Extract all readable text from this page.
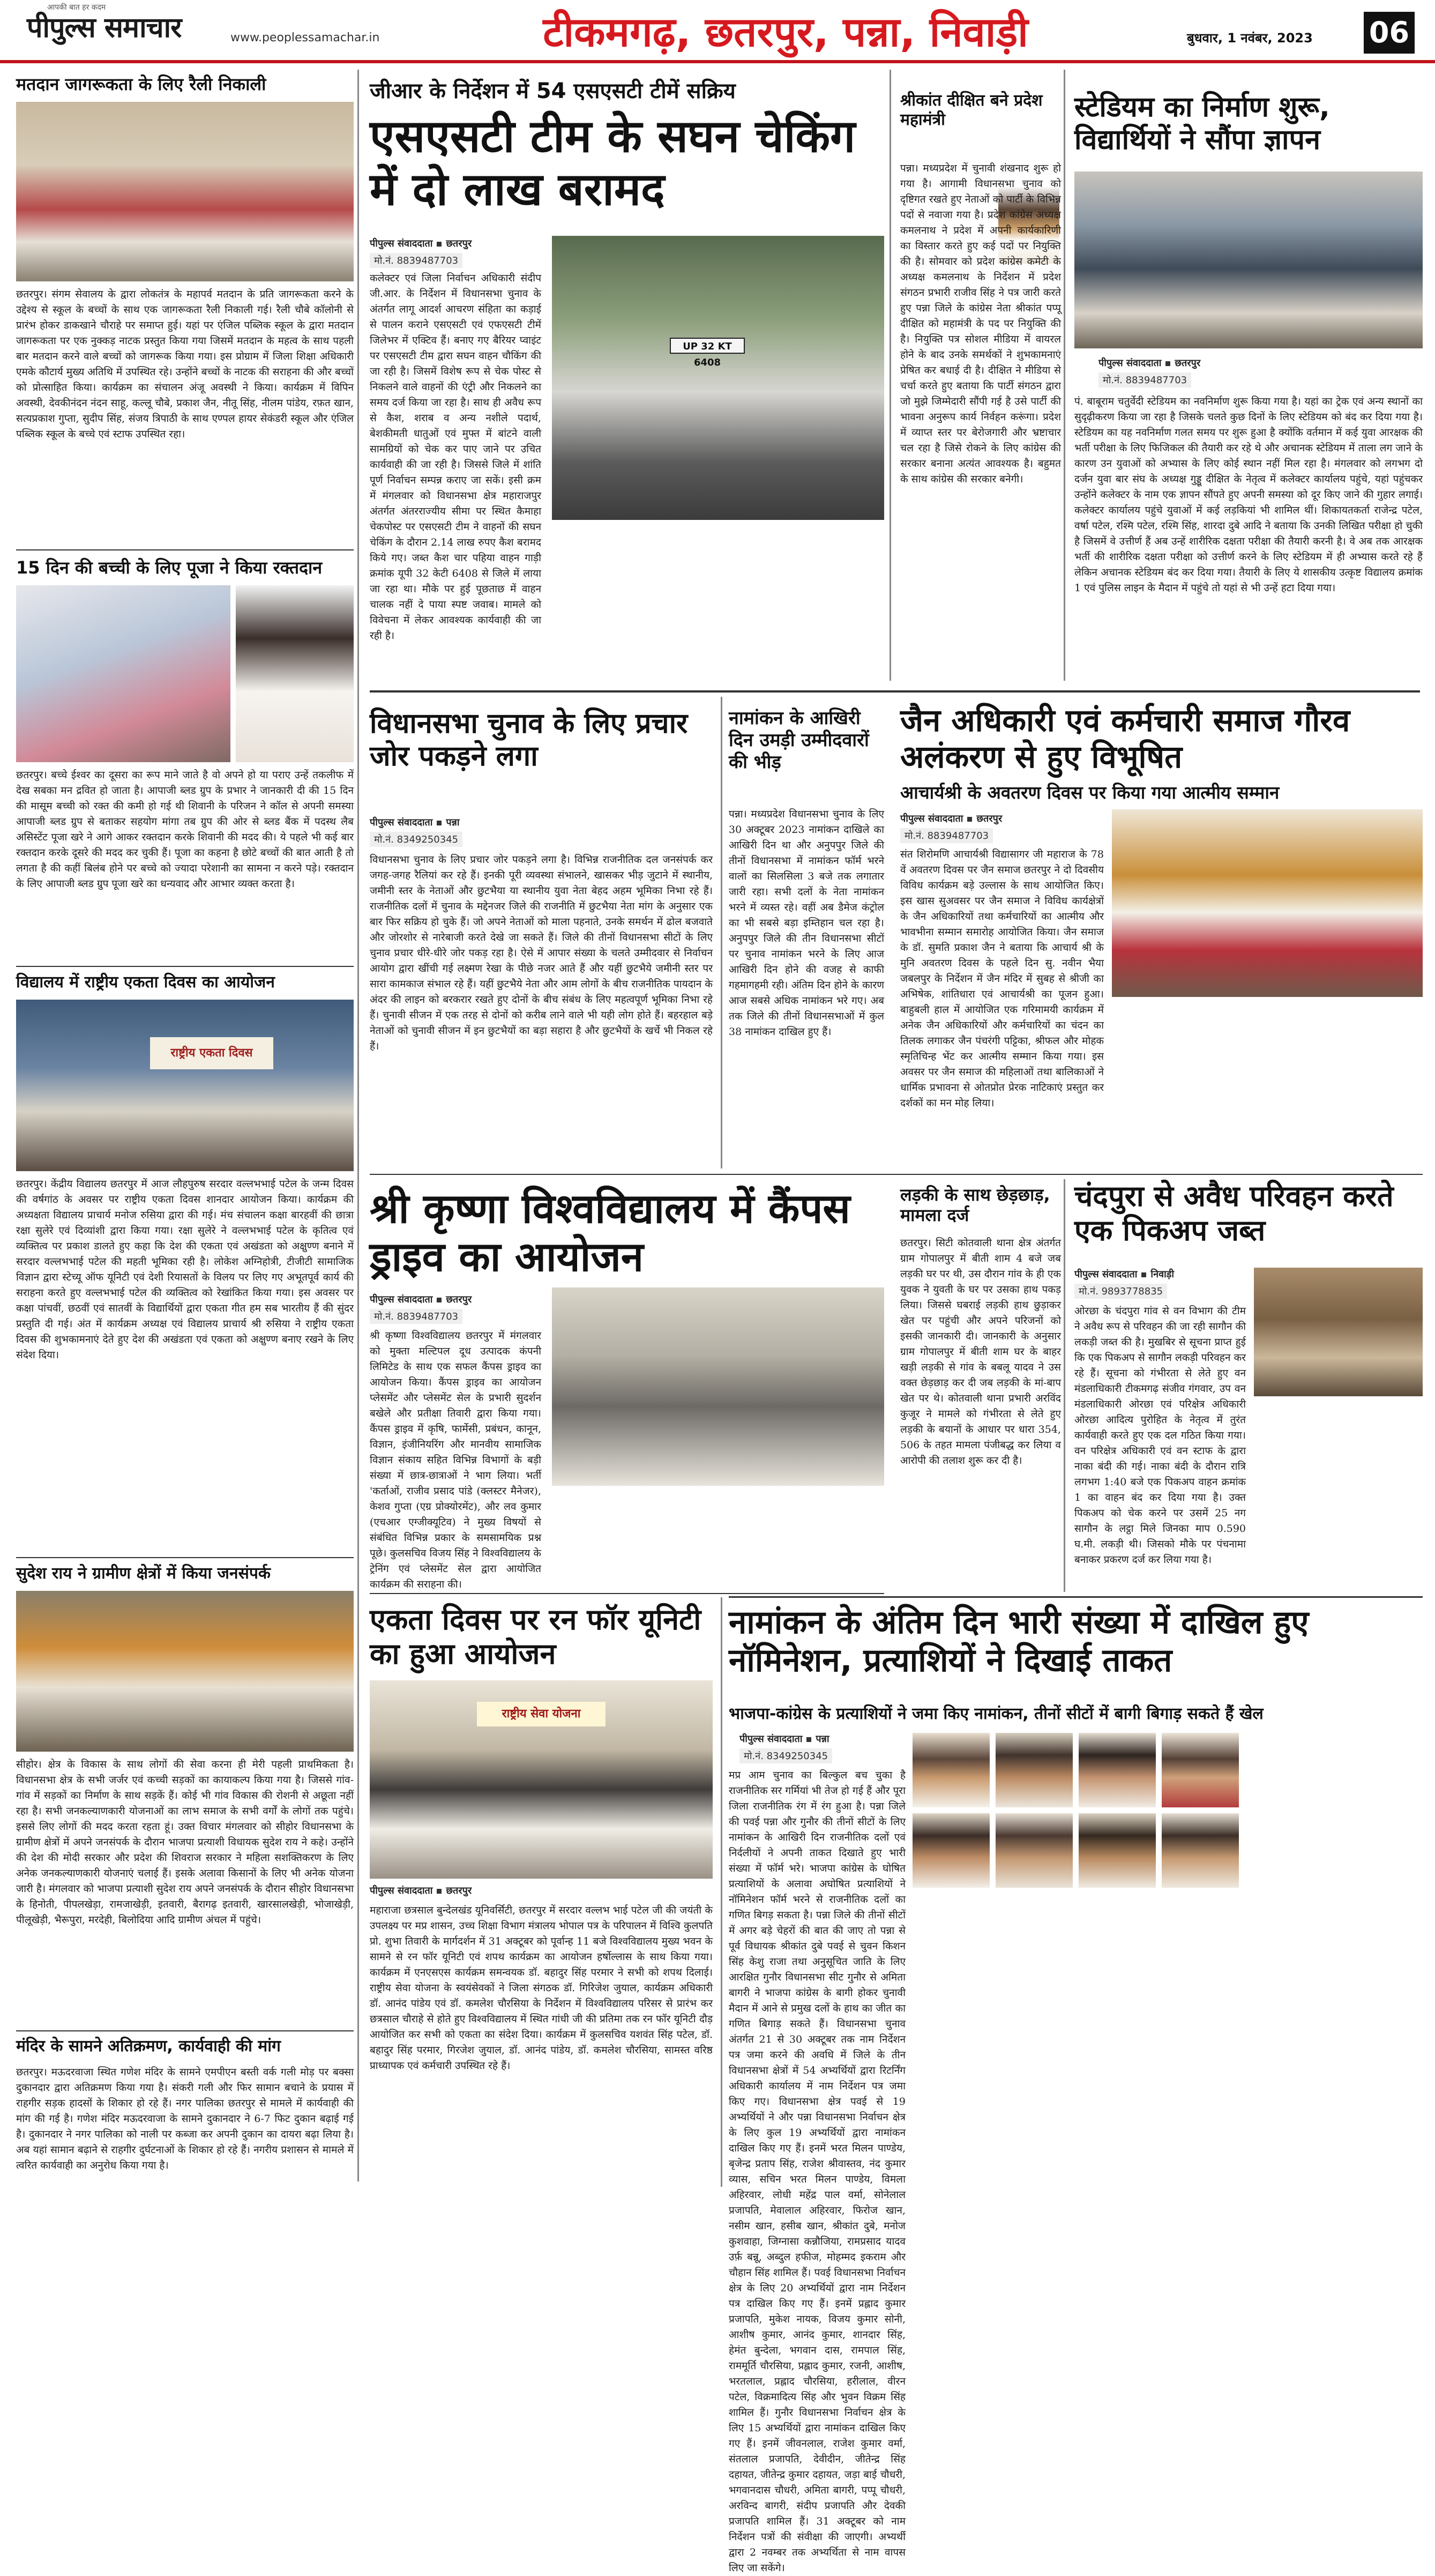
आपकी बात हर कदम
पीपुल्स समाचार	www.peoplessamachar.in	टीकमगढ़, छतरपुर, पन्ना, निवाड़ी	बुधवार, 1 नवंबर, 2023 06
मतदान जागरूकता के लिए रैली निकाली
छतरपुर। संगम सेवालय के द्वारा लोकतंत्र के महापर्व मतदान के प्रति जागरूकता करने के उद्देश्य से स्कूल के बच्चों के साथ एक जागरूकता रैली निकाली गई। रैली चौबे कॉलोनी से प्रारंभ होकर डाकखाने चौराहे पर समाप्त हुई। यहां पर एंजिल पब्लिक स्कूल के द्वारा मतदान जागरूकता पर एक नुक्कड़ नाटक प्रस्तुत किया गया जिसमें मतदान के महत्व के साथ पहली बार मतदान करने वाले बच्चों को जागरूक किया गया। इस प्रोग्राम में जिला शिक्षा अधिकारी एमके कौटार्य मुख्य अतिथि में उपस्थित रहे। उन्होंने बच्चों के नाटक की सराहना की और बच्चों को प्रोत्साहित किया। कार्यक्रम का संचालन अंजू अवस्थी ने किया। कार्यक्रम में विपिन अवस्थी, देवकीनंदन नंदन साहू, कल्लू चौबे, प्रकाश जैन, नीतू सिंह, नीलम पांडेय, रफ़त खान, सत्यप्रकाश गुप्ता, सुदीप सिंह, संजय त्रिपाठी के साथ एण्पल हायर सेकंडरी स्कूल और एंजिल पब्लिक स्कूल के बच्चे एवं स्टाफ उपस्थित रहा।
15 दिन की बच्ची के लिए पूजा ने किया रक्तदान
छतरपुर। बच्चे ईश्वर का दूसरा का रूप माने जाते है वो अपने हो या पराए उन्हें तकलीफ में देख सबका मन द्रवित हो जाता है। आपाजी ब्लड ग्रुप के प्रभार ने जानकारी दी की 15 दिन की मासूम बच्ची को रक्त की कमी हो गई थी शिवानी के परिजन ने कॉल से अपनी समस्या आपाजी ब्लड ग्रुप से बताकर सहयोग मांगा तब ग्रुप की ओर से ब्लड बैंक में पदस्थ लैब असिस्टेंट पूजा खरे ने आगे आकर रक्तदान करके शिवानी की मदद की। ये पहले भी कई बार रक्तदान करके दूसरे की मदद कर चुकी हैं। पूजा का कहना है छोटे बच्चों की बात आती है तो लगता है की कहीं बिलंब होने पर बच्चे को ज्यादा परेशानी का सामना न करने पड़े। रक्तदान के लिए आपाजी ब्लड ग्रुप पूजा खरे का धन्यवाद और आभार व्यक्त करता है।
विद्यालय में राष्ट्रीय एकता दिवस का आयोजन
राष्ट्रीय एकता दिवस
छतरपुर। केंद्रीय विद्यालय छतरपुर में आज लौहपुरुष सरदार वल्लभभाई पटेल के जन्म दिवस की वर्षगांठ के अवसर पर राष्ट्रीय एकता दिवस शानदार आयोजन किया। कार्यक्रम की अध्यक्षता विद्यालय प्राचार्य मनोज रुसिया द्वारा की गई। मंच संचालन कक्षा बारहवीं की छात्रा रक्षा सुलेरे एवं दिव्यांशी द्वारा किया गया। रक्षा सुलेरे ने वल्लभभाई पटेल के कृतित्व एवं व्यक्तित्व पर प्रकाश डालते हुए कहा कि देश की एकता एवं अखंडता को अक्षुण्ण बनाने में सरदार वल्लभभाई पटेल की महती भूमिका रही है। लोकेश अग्निहोत्री, टीजीटी सामाजिक विज्ञान द्वारा स्टेच्यू ऑफ यूनिटी एवं देशी रियासतों के विलय पर लिए गए अभूतपूर्व कार्य की सराहना करते हुए वल्लभभाई पटेल की व्यक्तित्व को रेखांकित किया गया। इस अवसर पर कक्षा पांचवीं, छठवीं एवं सातवीं के विद्यार्थियों द्वारा एकता गीत हम सब भारतीय हैं की सुंदर प्रस्तुति दी गई। अंत में कार्यक्रम अध्यक्ष एवं विद्यालय प्राचार्य श्री रुसिया ने राष्ट्रीय एकता दिवस की शुभकामनाएं देते हुए देश की अखंडता एवं एकता को अक्षुण्ण बनाए रखने के लिए संदेश दिया।
सुदेश राय ने ग्रामीण क्षेत्रों में किया जनसंपर्क
सीहोर। क्षेत्र के विकास के साथ लोगों की सेवा करना ही मेरी पहली प्राथमिकता है। विधानसभा क्षेत्र के सभी जर्जर एवं कच्ची सड़कों का कायाकल्प किया गया है। जिससे गांव-गांव में सड़कों का निर्माण के साथ सड़कें हैं। कोई भी गांव विकास की रोशनी से अछूता नहीं रहा है। सभी जनकल्याणकारी योजनाओं का लाभ समाज के सभी वर्गों के लोगों तक पहुंचे। इससे लिए लोगों की मदद करता रहता हूं। उक्त विचार मंगलवार को सीहोर विधानसभा के ग्रामीण क्षेत्रों में अपने जनसंपर्क के दौरान भाजपा प्रत्याशी विधायक सुदेश राय ने कहे। उन्होंने की देश की मोदी सरकार और प्रदेश की शिवराज सरकार ने महिला सशक्तिकरण के लिए अनेक जनकल्याणकारी योजनाएं चलाई हैं। इसके अलावा किसानों के लिए भी अनेक योजना जारी है। मंगलवार को भाजपा प्रत्याशी सुदेश राय अपने जनसंपर्क के दौरान सीहोर विधानसभा के हिनोती, पीपलखेड़ा, रामजाखेड़ी, इतवारी, बैरागढ़ इतवारी, खारसालखेड़ी, भोजाखेड़ी, पीलूखेड़ी, भैरूपुरा, मरदेही, बिलोदिया आदि ग्रामीण अंचल में पहुंचे।
मंदिर के सामने अतिक्रमण, कार्यवाही की मांग
छतरपुर। मऊदरवाजा स्थित गणेश मंदिर के सामने एमपीएन बस्ती वर्क गली मोड़ पर बक्सा दुकानदार द्वारा अतिक्रमण किया गया है। संकरी गली और फिर सामान बचाने के प्रयास में राहगीर सड़क हादसों के शिकार हो रहे हैं। नगर पालिका छतरपुर से मामले में कार्यवाही की मांग की गई है। गणेश मंदिर मऊदरवाजा के सामने दुकानदार ने 6-7 फिट दुकान बढ़ाई गई है। दुकानदार ने नगर पालिका को नाली पर कब्जा कर अपनी दुकान का दायरा बढ़ा लिया है। अब यहां सामान बढ़ाने से राहगीर दुर्घटनाओं के शिकार हो रहे हैं। नगरीय प्रशासन से मामले में त्वरित कार्यवाही का अनुरोध किया गया है।
जीआर के निर्देशन में 54 एसएसटी टीमें सक्रिय
एसएसटी टीम के सघन चेकिंग में दो लाख बरामद
पीपुल्स संवाददाता छतरपुर
मो.नं. 8839487703
कलेक्टर एवं जिला निर्वाचन अधिकारी संदीप जी.आर. के निर्देशन में विधानसभा चुनाव के अंतर्गत लागू आदर्श आचरण संहिता का कड़ाई से पालन कराने एसएसटी एवं एफएसटी टीमें जिलेभर में एक्टिव हैं। बनाए गए बैरियर प्वाइंट पर एसएसटी टीम द्वारा सघन वाहन चौकिंग की जा रही है। जिसमें विशेष रूप से चेक पोस्ट से निकलने वाले वाहनों की एंट्री और निकलने का समय दर्ज किया जा रहा है। साथ ही अवैध रूप से कैश, शराब व अन्य नशीले पदार्थ, बेशकीमती धातुओं एवं मुफ्त में बांटने वाली सामग्रियों को चेक कर पाए जाने पर उचित कार्यवाही की जा रही है। जिससे जिले में शांति पूर्ण निर्वाचन सम्पन्न कराए जा सकें। इसी क्रम में मंगलवार को विधानसभा क्षेत्र महाराजपुर अंतर्गत अंतरराज्यीय सीमा पर स्थित कैमाहा चेकपोस्ट पर एसएसटी टीम ने वाहनों की सघन चेकिंग के दौरान 2.14 लाख रुपए कैश बरामद किये गए। जब्त कैश चार पहिया वाहन गाड़ी क्रमांक यूपी 32 केटी 6408 से जिले में लाया जा रहा था। मौके पर हुई पूछताछ में वाहन चालक नहीं दे पाया स्पष्ट जवाब। मामले को विवेचना में लेकर आवश्यक कार्यवाही की जा रही है।
UP 32 KT 6408
विधानसभा चुनाव के लिए प्रचार जोर पकड़ने लगा
पीपुल्स संवाददाता पन्ना
मो.नं. 8349250345
विधानसभा चुनाव के लिए प्रचार जोर पकड़ने लगा है। विभिन्न राजनीतिक दल जनसंपर्क कर जगह-जगह रैलियां कर रहे हैं। इनकी पूरी व्यवस्था संभालने, खासकर भीड़ जुटाने में स्थानीय, जमीनी स्तर के नेताओं और छुटभैया या स्थानीय युवा नेता बेहद अहम भूमिका निभा रहे हैं। राजनीतिक दलों में चुनाव के मद्देनजर जिले की राजनीति में छुटभैया नेता मांग के अनुसार एक बार फिर सक्रिय हो चुके हैं। जो अपने नेताओं को माला पहनाते, उनके समर्थन में ढोल बजवाते और जोरशोर से नारेबाजी करते देखे जा सकते हैं। जिले की तीनों विधानसभा सीटों के लिए चुनाव प्रचार धीरे-धीरे जोर पकड़ रहा है। ऐसे में आपार संख्या के चलते उम्मीदवार से निर्वाचन आयोग द्वारा खींची गई लक्ष्मण रेखा के पीछे नजर आते हैं और यहीं छुटभैये जमीनी स्तर पर सारा कामकाज संभाल रहे हैं। यहीं छुटभैये नेता और आम लोगों के बीच राजनीतिक पायदान के अंदर की लाइन को बरकरार रखते हुए दोनों के बीच संबंध के लिए महत्वपूर्ण भूमिका निभा रहे हैं। चुनावी सीजन में एक तरह से दोनों को करीब लाने वाले भी यही लोग होते हैं। बहरहाल बड़े नेताओं को चुनावी सीजन में इन छुटभैयों का बड़ा सहारा है और छुटभैयों के खर्चे भी निकल रहे हैं।
नामांकन के आखिरी दिन उमड़ी उम्मीदवारों की भीड़
पन्ना। मध्यप्रदेश विधानसभा चुनाव के लिए 30 अक्टूबर 2023 नामांकन दाखिले का आखिरी दिन था और अनुपपुर जिले की तीनों विधानसभा में नामांकन फॉर्म भरने वालों का सिलसिला 3 बजे तक लगातार जारी रहा। सभी दलों के नेता नामांकन भरने में व्यस्त रहे। वहीं अब डैमेज कंट्रोल का भी सबसे बड़ा इम्तिहान चल रहा है। अनुपपुर जिले की तीन विधानसभा सीटों पर चुनाव नामांकन भरने के लिए आज आखिरी दिन होने की वजह से काफी गहमागहमी रही। अंतिम दिन होने के कारण आज सबसे अधिक नामांकन भरे गए। अब तक जिले की तीनों विधानसभाओं में कुल 38 नामांकन दाखिल हुए हैं।
श्री कृष्णा विश्वविद्यालय में कैंपस ड्राइव का आयोजन
पीपुल्स संवाददाता छतरपुर
मो.नं. 8839487703
श्री कृष्णा विश्वविद्यालय छतरपुर में मंगलवार को मुक्ता मल्टिपल दूध उत्पादक कंपनी लिमिटेड के साथ एक सफल कैंपस ड्राइव का आयोजन किया। कैंपस ड्राइव का आयोजन प्लेसमेंट और प्लेसमेंट सेल के प्रभारी सुदर्शन बखेले और प्रतीक्षा तिवारी द्वारा किया गया। कैंपस ड्राइव में कृषि, फार्मेसी, प्रबंधन, कानून, विज्ञान, इंजीनियरिंग और मानवीय सामाजिक विज्ञान संकाय सहित विभिन्न विभागों के बड़ी संख्या में छात्र-छात्राओं ने भाग लिया। भर्ती 'कर्ताओं, राजीव प्रसाद पांडे (क्लस्टर मैनेजर), केशव गुप्ता (एग्र प्रोक्योरमेंट), और लव कुमार (एचआर एग्जीक्यूटिव) ने मुख्य विषयों से संबंधित विभिन्न प्रकार के समसामयिक प्रश्न पूछे। कुलसचिव विजय सिंह ने विश्वविद्यालय के ट्रेनिंग एवं प्लेसमेंट सेल द्वारा आयोजित कार्यक्रम की सराहना की।
एकता दिवस पर रन फॉर यूनिटी का हुआ आयोजन
राष्ट्रीय सेवा योजना
पीपुल्स संवाददाता छतरपुर
महाराजा छत्रसाल बुन्देलखंड यूनिवर्सिटी, छतरपुर में सरदार वल्लभ भाई पटेल जी की जयंती के उपलक्ष्य पर मप्र शासन, उच्च शिक्षा विभाग मंत्रालय भोपाल पत्र के परिपालन में विश्वि कुलपति प्रो. शुभा तिवारी के मार्गदर्शन में 31 अक्टूबर को पूर्वान्ह 11 बजे विश्वविद्यालय मुख्य भवन के सामने से रन फॉर यूनिटी एवं शपथ कार्यक्रम का आयोजन हर्षोल्लास के साथ किया गया। कार्यक्रम में एनएसएस कार्यक्रम समन्वयक डॉ. बहादुर सिंह परमार ने सभी को शपथ दिलाई। राष्ट्रीय सेवा योजना के स्वयंसेवकों ने जिला संगठक डॉ. गिरिजेश जुयाल, कार्यक्रम अधिकारी डॉ. आनंद पांडेय एवं डॉ. कमलेश चौरसिया के निर्देशन में विश्वविद्यालय परिसर से प्रारंभ कर छत्रसाल चौराहे से होते हुए विश्वविद्यालय में स्थित गांधी जी की प्रतिमा तक रन फॉर यूनिटी दौड़ आयोजित कर सभी को एकता का संदेश दिया। कार्यक्रम में कुलसचिव यशवंत सिंह पटेल, डॉ. बहादुर सिंह परमार, गिरजेश जुयाल, डॉ. आनंद पांडेय, डॉ. कमलेश चौरसिया, सामस्त वरिष्ठ प्राध्यापक एवं कर्मचारी उपस्थित रहे हैं।
श्रीकांत दीक्षित बने प्रदेश महामंत्री
पन्ना। मध्यप्रदेश में चुनावी शंखनाद शुरू हो गया है। आगामी विधानसभा चुनाव को दृष्टिगत रखते हुए नेताओं को पार्टी के विभिन्न पदों से नवाजा गया है। प्रदेश कांग्रेस अध्यक्ष कमलनाथ ने प्रदेश में अपनी कार्यकारिणी का विस्तार करते हुए कई पदों पर नियुक्ति की है। सोमवार को प्रदेश कांग्रेस कमेटी के अध्यक्ष कमलनाथ के निर्देशन में प्रदेश संगठन प्रभारी राजीव सिंह ने पत्र जारी करते हुए पन्ना जिले के कांग्रेस नेता श्रीकांत पप्पू दीक्षित को महामंत्री के पद पर नियुक्ति की है। नियुक्ति पत्र सोशल मीडिया में वायरल होने के बाद उनके समर्थकों ने शुभकामनाएं प्रेषित कर बधाई दी है। दीक्षित ने मीडिया से चर्चा करते हुए बताया कि पार्टी संगठन द्वारा जो मुझे जिम्मेदारी सौंपी गई है उसे पार्टी की भावना अनुरूप कार्य निर्वहन करूंगा। प्रदेश में व्याप्त स्तर पर बेरोजगारी और भ्रष्टाचार चल रहा है जिसे रोकने के लिए कांग्रेस की सरकार बनाना अत्यंत आवश्यक है। बहुमत के साथ कांग्रेस की सरकार बनेगी।
स्टेडियम का निर्माण शुरू, विद्यार्थियों ने सौंपा ज्ञापन
पीपुल्स संवाददाता छतरपुर
मो.नं. 8839487703
पं. बाबूराम चतुर्वेदी स्टेडियम का नवनिर्माण शुरू किया गया है। यहां का ट्रेक एवं अन्य स्थानों का सुदृढ़ीकरण किया जा रहा है जिसके चलते कुछ दिनों के लिए स्टेडियम को बंद कर दिया गया है। स्टेडियम का यह नवनिर्माण गलत समय पर शुरू हुआ है क्योंकि वर्तमान में कई युवा आरक्षक की भर्ती परीक्षा के लिए फिजिकल की तैयारी कर रहे थे और अचानक स्टेडियम में ताला लग जाने के कारण उन युवाओं को अभ्यास के लिए कोई स्थान नहीं मिल रहा है। मंगलवार को लगभग दो दर्जन युवा बार संघ के अध्यक्ष गुड्डू दीक्षित के नेतृत्व में कलेक्टर कार्यालय पहुंचे, यहां पहुंचकर उन्होंने कलेक्टर के नाम एक ज्ञापन सौंपते हुए अपनी समस्या को दूर किए जाने की गुहार लगाई। कलेक्टर कार्यालय पहुंचे युवाओं में कई लड़कियां भी शामिल थीं। शिकायतकर्ता राजेन्द्र पटेल, वर्षा पटेल, रश्मि पटेल, रश्मि सिंह, शारदा दुबे आदि ने बताया कि उनकी लिखित परीक्षा हो चुकी है जिसमें वे उत्तीर्ण हैं अब उन्हें शारीरिक दक्षता परीक्षा की तैयारी करनी है। वे अब तक आरक्षक भर्ती की शारीरिक दक्षता परीक्षा को उत्तीर्ण करने के लिए स्टेडियम में ही अभ्यास करते रहे हैं लेकिन अचानक स्टेडियम बंद कर दिया गया। तैयारी के लिए ये शासकीय उत्कृष्ट विद्यालय क्रमांक 1 एवं पुलिस लाइन के मैदान में पहुंचे तो यहां से भी उन्हें हटा दिया गया।
जैन अधिकारी एवं कर्मचारी समाज गौरव अलंकरण से हुए विभूषित
आचार्यश्री के अवतरण दिवस पर किया गया आत्मीय सम्मान
पीपुल्स संवाददाता छतरपुर
मो.नं. 8839487703
संत शिरोमणि आचार्यश्री विद्यासागर जी महाराज के 78 वें अवतरण दिवस पर जैन समाज छतरपुर ने दो दिवसीय विविध कार्यक्रम बड़े उल्लास के साथ आयोजित किए। इस खास सुअवसर पर जैन समाज ने विविध कार्यक्षेत्रों के जैन अधिकारियों तथा कर्मचारियों का आत्मीय और भावभीना सम्मान समारोह आयोजित किया। जैन समाज के डॉ. सुमति प्रकाश जैन ने बताया कि आचार्य श्री के मुनि अवतरण दिवस के पहले दिन सु. नवीन भैया जबलपुर के निर्देशन में जैन मंदिर में सुबह से श्रीजी का अभिषेक, शांतिधारा एवं आचार्यश्री का पूजन हुआ। बाहुबली हाल में आयोजित एक गरिमामयी कार्यक्रम में अनेक जैन अधिकारियों और कर्मचारियों का चंदन का तिलक लगाकर जैन पंचरंगी पट्टिका, श्रीफल और मोहक स्मृतिचिन्ह भेंट कर आत्मीय सम्मान किया गया। इस अवसर पर जैन समाज की महिलाओं तथा बालिकाओं ने धार्मिक प्रभावना से ओतप्रोत प्रेरक नाटिकाएं प्रस्तुत कर दर्शकों का मन मोह लिया।
लड़की के साथ छेड़छाड़, मामला दर्ज
छतरपुर। सिटी कोतवाली थाना क्षेत्र अंतर्गत ग्राम गोपालपुर में बीती शाम 4 बजे जब लड़की घर पर थी, उस दौरान गांव के ही एक युवक ने युवती के घर पर उसका हाथ पकड़ लिया। जिससे घबराई लड़की हाथ छुड़ाकर खेत पर पहुंची और अपने परिजनों को इसकी जानकारी दी। जानकारी के अनुसार ग्राम गोपालपुर में बीती शाम घर के बाहर खड़ी लड़की से गांव के बबलू यादव ने उस वक्त छेड़छाड़ कर दी जब लड़की के मां-बाप खेत पर थे। कोतवाली थाना प्रभारी अरविंद कुजूर ने मामले को गंभीरता से लेते हुए लड़की के बयानों के आधार पर धारा 354, 506 के तहत मामला पंजीबद्ध कर लिया व आरोपी की तलाश शुरू कर दी है।
चंदपुरा से अवैध परिवहन करते एक पिकअप जब्त
पीपुल्स संवाददाता निवाड़ी
मो.नं. 9893778835
ओरछा के चंदपुरा गांव से वन विभाग की टीम ने अवैध रूप से परिवहन की जा रही सागौन की लकड़ी जब्त की है। मुखबिर से सूचना प्राप्त हुई कि एक पिकअप से सागौन लकड़ी परिवहन कर रहे हैं। सूचना को गंभीरता से लेते हुए वन मंडलाधिकारी टीकमगढ़ संजीव गंगवार, उप वन मंडलाधिकारी ओरछा एवं परिक्षेत्र अधिकारी ओरछा आदित्य पुरोहित के नेतृत्व में तुरंत कार्यवाही करते हुए एक दल गठित किया गया। वन परिक्षेत्र अधिकारी एवं वन स्टाफ के द्वारा नाका बंदी की गई। नाका बंदी के दौरान रात्रि लगभग 1:40 बजे एक पिकअप वाहन क्रमांक 1 का वाहन बंद कर दिया गया है। उक्त पिकअप को चेक करने पर उसमें 25 नग सागौन के लट्ठा मिले जिनका माप 0.590 घ.मी. लकड़ी थी। जिसको मौके पर पंचनामा बनाकर प्रकरण दर्ज कर लिया गया है।
नामांकन के अंतिम दिन भारी संख्या में दाखिल हुए नॉमिनेशन, प्रत्याशियों ने दिखाई ताकत
भाजपा-कांग्रेस के प्रत्याशियों ने जमा किए नामांकन, तीनों सीटों में बागी बिगाड़ सकते हैं खेल
पीपुल्स संवाददाता पन्ना
मो.नं. 8349250345
मप्र आम चुनाव का बिल्कुल बच चुका है राजनीतिक सर गर्मियां भी तेज हो गई हैं और पूरा जिला राजनीतिक रंग में रंग हुआ है। पन्ना जिले की पवई पन्ना और गुनौर की तीनों सीटों के लिए नामांकन के आखिरी दिन राजनीतिक दलों एवं निर्दलीयों ने अपनी ताकत दिखाते हुए भारी संख्या में फॉर्म भरे। भाजपा कांग्रेस के घोषित प्रत्याशियों के अलावा अघोषित प्रत्याशियों ने नॉमिनेशन फॉर्म भरने से राजनीतिक दलों का गणित बिगड़ सकता है। पन्ना जिले की तीनों सीटों में अगर बड़े चेहरों की बात की जाए तो पन्ना से पूर्व विधायक श्रीकांत दुबे पवई से चुवन किशन सिंह केशु राजा तथा अनुसूचित जाति के लिए आरक्षित गुनौर विधानसभा सीट गुनौर से अमिता बागरी ने भाजपा कांग्रेस के बागी होकर चुनावी मैदान में आने से प्रमुख दलों के हाथ का जीत का गणित बिगाड़ सकते हैं। विधानसभा चुनाव अंतर्गत 21 से 30 अक्टूबर तक नाम निर्देशन पत्र जमा करने की अवधि में जिले के तीन विधानसभा क्षेत्रों में 54 अभ्यर्थियों द्वारा रिटर्निंग अधिकारी कार्यालय में नाम निर्देशन पत्र जमा किए गए। विधानसभा क्षेत्र पवई से 19 अभ्यर्थियों ने और पन्ना विधानसभा निर्वाचन क्षेत्र के लिए कुल 19 अभ्यर्थियों द्वारा नामांकन दाखिल किए गए हैं। इनमें भरत मिलन पाण्डेय, बृजेन्द्र प्रताप सिंह, राजेश श्रीवास्तव, नंद कुमार व्यास, सचिन भरत मिलन पाण्डेय, विमला अहिरवार, लोधी महेंद्र पाल वर्मा, सोनेलाल प्रजापति, मेवालाल अहिरवार, फिरोज खान, नसीम खान, हसीब खान, श्रीकांत दुबे, मनोज कुशवाहा, जिग्नासा कन्नौजिया, रामप्रसाद यादव उर्फ़ बन्नू, अब्दुल हफीज, मोहम्मद इकराम और चौहान सिंह शामिल हैं। पवई विधानसभा निर्वाचन क्षेत्र के लिए 20 अभ्यर्थियों द्वारा नाम निर्देशन पत्र दाखिल किए गए हैं। इनमें प्रह्लाद कुमार प्रजापति, मुकेश नायक, विजय कुमार सोनी, आशीष कुमार, आनंद कुमार, शानदार सिंह, हेमंत बुन्देला, भगवान दास, रामपाल सिंह, राममूर्ति चौरसिया, प्रह्लाद कुमार, रजनी, आशीष, भरतलाल, प्रह्लाद चौरसिया, हरीलाल, वीरन पटेल, विक्रमादित्य सिंह और भुवन विक्रम सिंह शामिल हैं। गुनौर विधानसभा निर्वाचन क्षेत्र के लिए 15 अभ्यर्थियों द्वारा नामांकन दाखिल किए गए हैं। इनमें जीवनलाल, राजेश कुमार वर्मा, संतलाल प्रजापति, देवीदीन, जीतेन्द्र सिंह दहायत, जीतेन्द्र कुमार दहायत, जड़ा बाई चौधरी, भगवानदास चौधरी, अमिता बागरी, पप्पू चौधरी, अरविन्द बागरी, संदीप प्रजापति और देवकी प्रजापति शामिल हैं। 31 अक्टूबर को नाम निर्देशन पत्रों की संवीक्षा की जाएगी। अभ्यर्थी द्वारा 2 नवम्बर तक अभ्यर्थिता से नाम वापस लिए जा सकेंगे।
